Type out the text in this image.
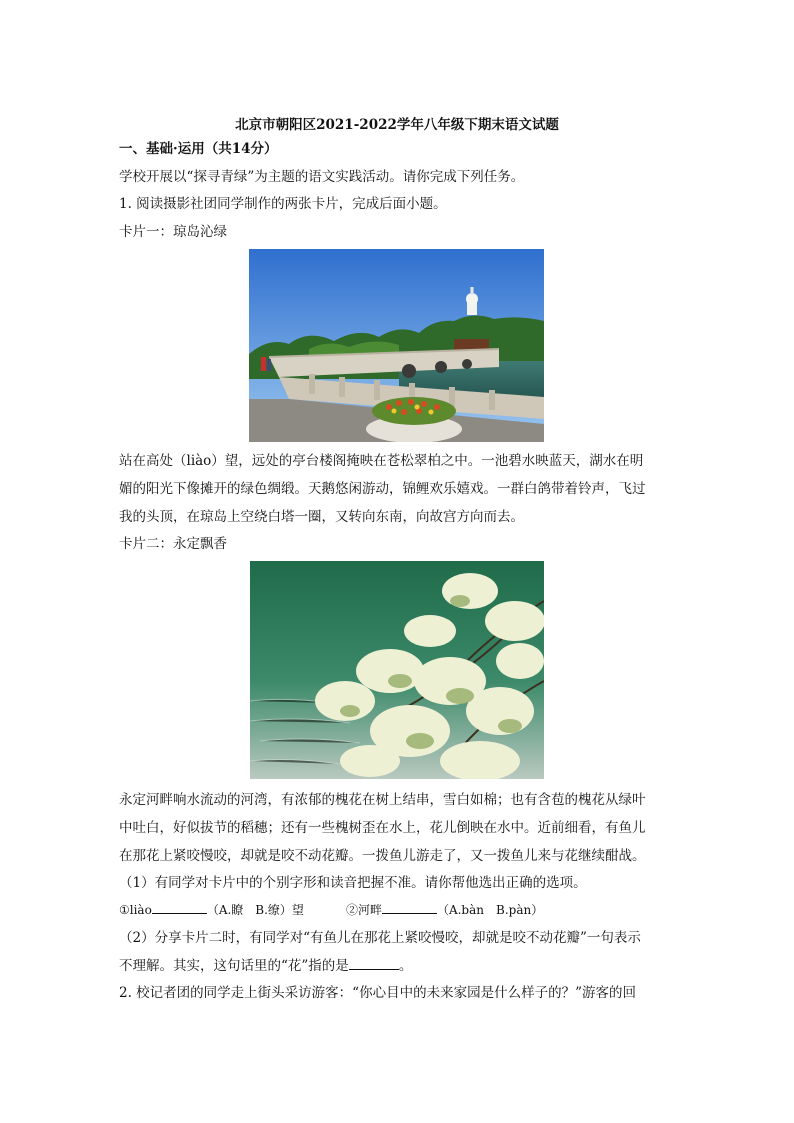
北京市朝阳区2021-2022学年八年级下期末语文试题
一、基础·运用（共14分）
学校开展以“探寻青绿”为主题的语文实践活动。请你完成下列任务。
1. 阅读摄影社团同学制作的两张卡片，完成后面小题。
卡片一：琼岛沁绿
站在高处（liào）望，远处的亭台楼阁掩映在苍松翠柏之中。一池碧水映蓝天，湖水在明
媚的阳光下像摊开的绿色绸缎。天鹅悠闲游动，锦鲤欢乐嬉戏。一群白鸽带着铃声，飞过
我的头顶，在琼岛上空绕白塔一圈，又转向东南，向故宫方向而去。
卡片二：永定飘香
永定河畔响水流动的河湾，有浓郁的槐花在树上结串，雪白如棉；也有含苞的槐花从绿叶
中吐白，好似拔节的稻穗；还有一些槐树歪在水上，花儿倒映在水中。近前细看，有鱼儿
在那花上紧咬慢咬，却就是咬不动花瓣。一拨鱼儿游走了，又一拨鱼儿来与花继续酣战。
（1）有同学对卡片中的个别字形和读音把握不准。请你帮他选出正确的选项。
①liào	（A.瞭　B.缭）望	②河畔	（A.bàn　B.pàn）
（2）分享卡片二时，有同学对“有鱼儿在那花上紧咬慢咬，却就是咬不动花瓣”一句表示
不理解。其实，这句话里的“花”指的是	。
2. 校记者团的同学走上街头采访游客：“你心目中的未来家园是什么样子的？”游客的回
